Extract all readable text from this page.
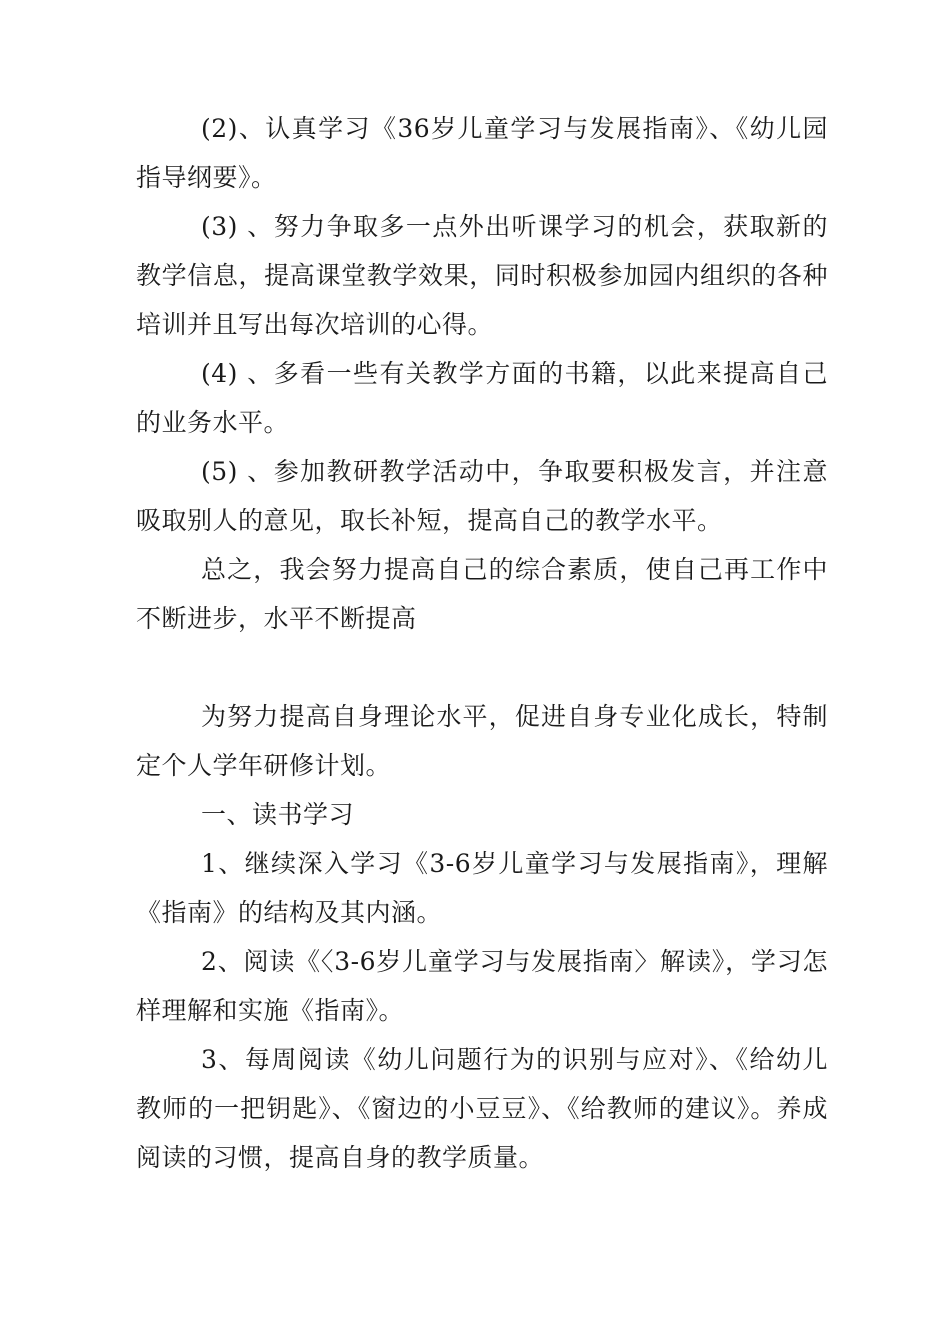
(2)、认真学习《36岁儿童学习与发展指南》、《幼儿园指导纲要》。

(3) 、努力争取多一点外出听课学习的机会，获取新的教学信息，提高课堂教学效果，同时积极参加园内组织的各种培训并且写出每次培训的心得。

(4) 、多看一些有关教学方面的书籍，以此来提高自己的业务水平。

(5) 、参加教研教学活动中，争取要积极发言，并注意吸取别人的意见，取长补短，提高自己的教学水平。

总之，我会努力提高自己的综合素质，使自己再工作中不断进步，水平不断提高

为努力提高自身理论水平，促进自身专业化成长，特制定个人学年研修计划。

一、读书学习

1、继续深入学习《3-6岁儿童学习与发展指南》，理解《指南》的结构及其内涵。

2、阅读《〈3-6岁儿童学习与发展指南〉解读》，学习怎样理解和实施《指南》。

3、每周阅读《幼儿问题行为的识别与应对》、《给幼儿教师的一把钥匙》、《窗边的小豆豆》、《给教师的建议》。养成阅读的习惯，提高自身的教学质量。
